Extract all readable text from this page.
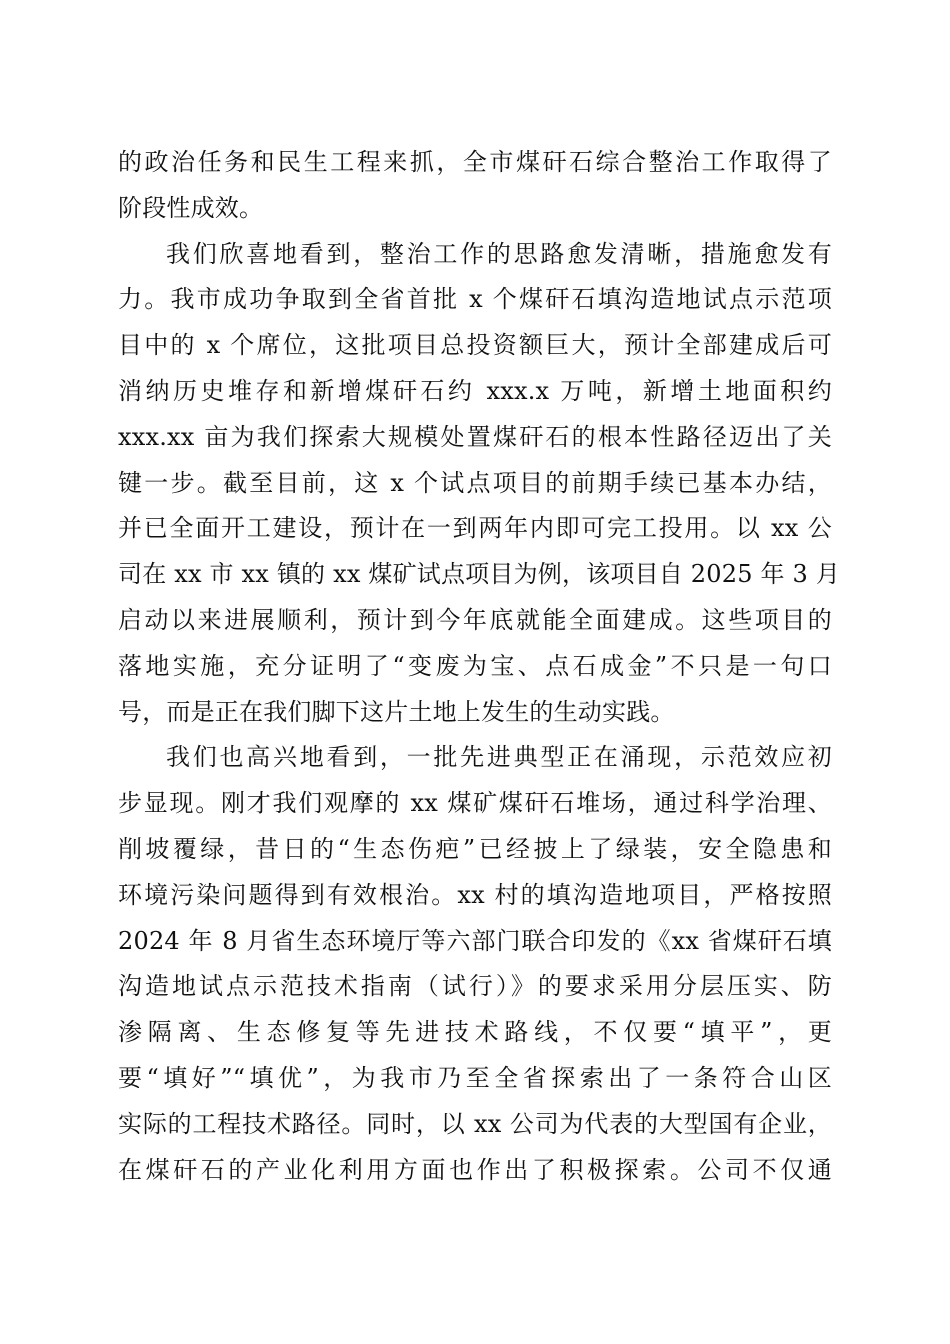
的政治任务和民生工程来抓，全市煤矸石综合整治工作取得了
阶段性成效。
我们欣喜地看到，整治工作的思路愈发清晰，措施愈发有
力。我市成功争取到全省首批 x 个煤矸石填沟造地试点示范项
目中的 x 个席位，这批项目总投资额巨大，预计全部建成后可
消纳历史堆存和新增煤矸石约 xxx.x 万吨，新增土地面积约
xxx.xx 亩为我们探索大规模处置煤矸石的根本性路径迈出了关
键一步。截至目前，这 x 个试点项目的前期手续已基本办结，
并已全面开工建设，预计在一到两年内即可完工投用。以 xx 公
司在 xx 市 xx 镇的 xx 煤矿试点项目为例，该项目自 2025 年 3 月
启动以来进展顺利，预计到今年底就能全面建成。这些项目的
落地实施，充分证明了“变废为宝、点石成金”不只是一句口
号，而是正在我们脚下这片土地上发生的生动实践。
我们也高兴地看到，一批先进典型正在涌现，示范效应初
步显现。刚才我们观摩的 xx 煤矿煤矸石堆场，通过科学治理、
削坡覆绿，昔日的“生态伤疤”已经披上了绿装，安全隐患和
环境污染问题得到有效根治。xx 村的填沟造地项目，严格按照
2024 年 8 月省生态环境厅等六部门联合印发的《xx 省煤矸石填
沟造地试点示范技术指南（试行）》的要求采用分层压实、防
渗隔离、生态修复等先进技术路线，不仅要“填平”，更
要“填好”“填优”，为我市乃至全省探索出了一条符合山区
实际的工程技术路径。同时，以 xx 公司为代表的大型国有企业，
在煤矸石的产业化利用方面也作出了积极探索。公司不仅通
